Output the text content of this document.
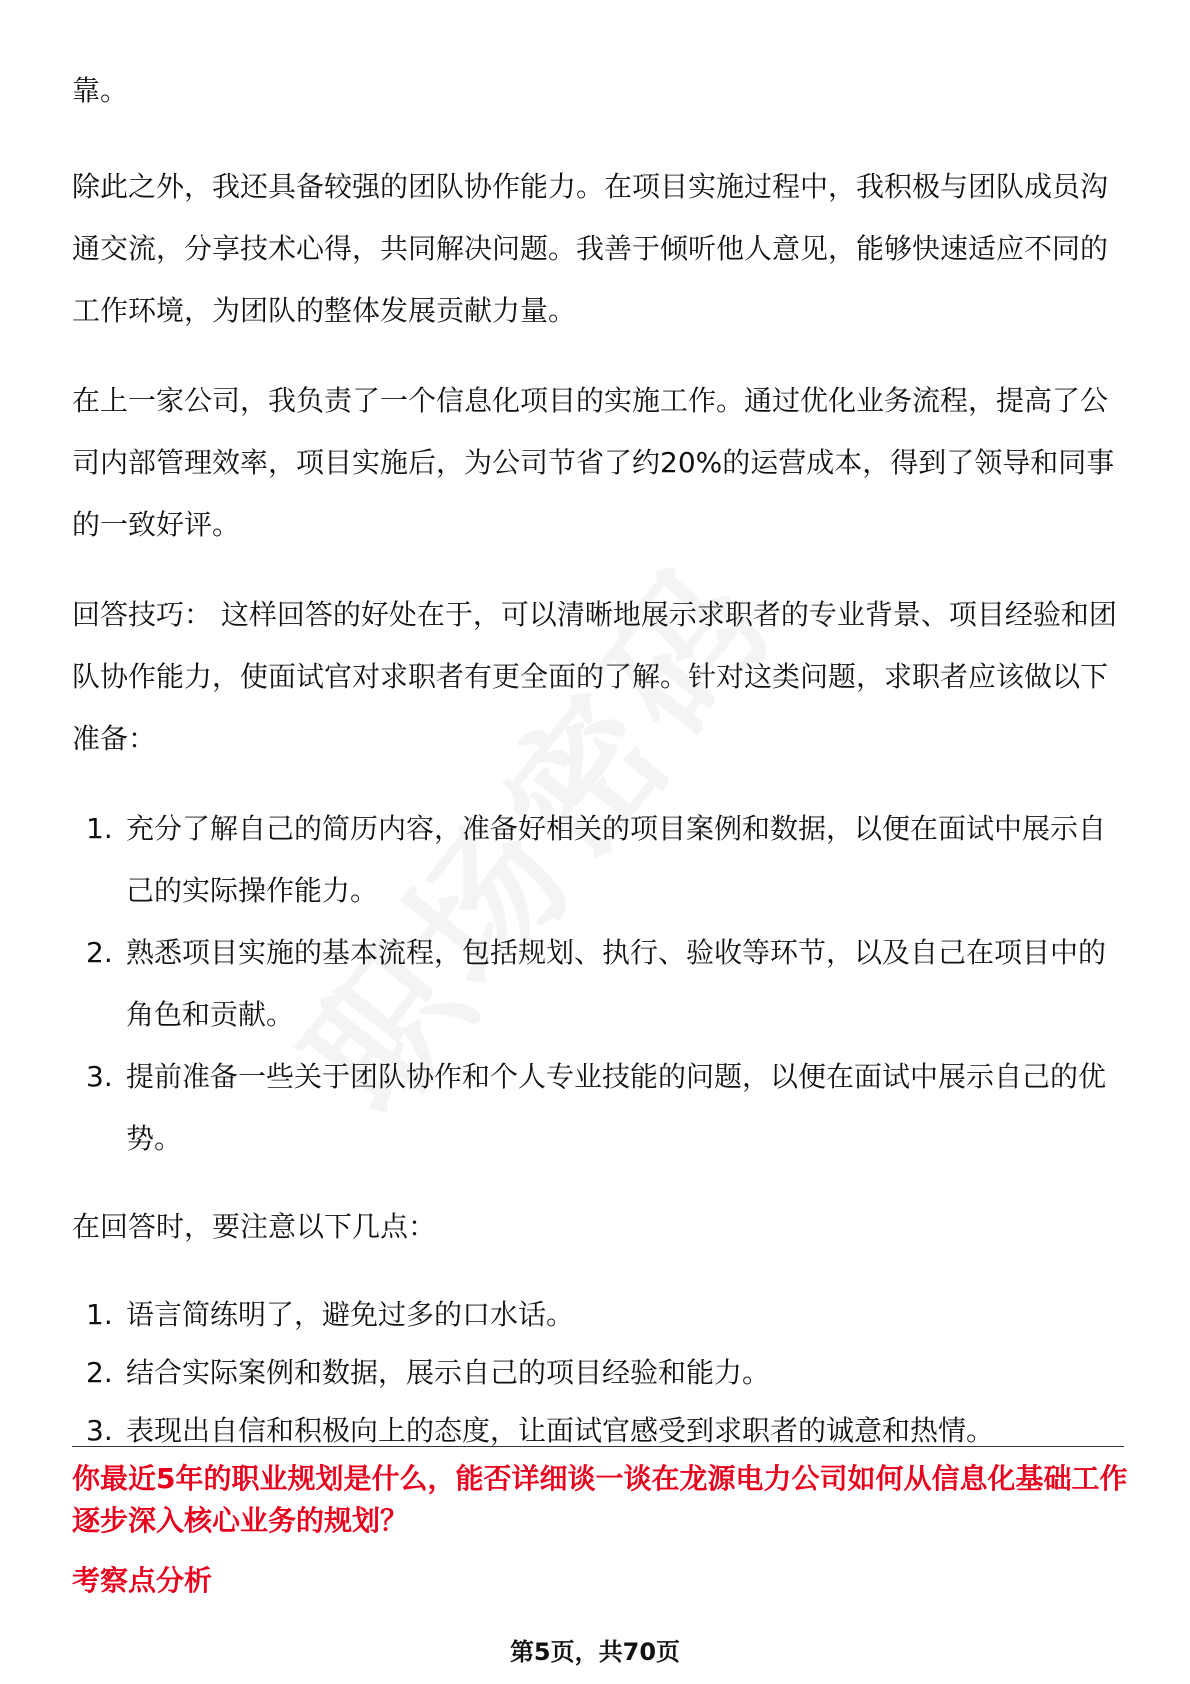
靠。

除此之外，我还具备较强的团队协作能力。在项目实施过程中，我积极与团队成员沟通交流，分享技术心得，共同解决问题。我善于倾听他人意见，能够快速适应不同的工作环境，为团队的整体发展贡献力量。

在上一家公司，我负责了一个信息化项目的实施工作。通过优化业务流程，提高了公司内部管理效率，项目实施后，为公司节省了约20%的运营成本，得到了领导和同事的一致好评。

回答技巧： 这样回答的好处在于，可以清晰地展示求职者的专业背景、项目经验和团队协作能力，使面试官对求职者有更全面的了解。针对这类问题，求职者应该做以下准备：

1. 充分了解自己的简历内容，准备好相关的项目案例和数据，以便在面试中展示自己的实际操作能力。
2. 熟悉项目实施的基本流程，包括规划、执行、验收等环节，以及自己在项目中的角色和贡献。
3. 提前准备一些关于团队协作和个人专业技能的问题，以便在面试中展示自己的优势。

在回答时，要注意以下几点：

1. 语言简练明了，避免过多的口水话。
2. 结合实际案例和数据，展示自己的项目经验和能力。
3. 表现出自信和积极向上的态度，让面试官感受到求职者的诚意和热情。
你最近5年的职业规划是什么，能否详细谈一谈在龙源电力公司如何从信息化基础工作逐步深入核心业务的规划？
考察点分析
第5页，共70页
